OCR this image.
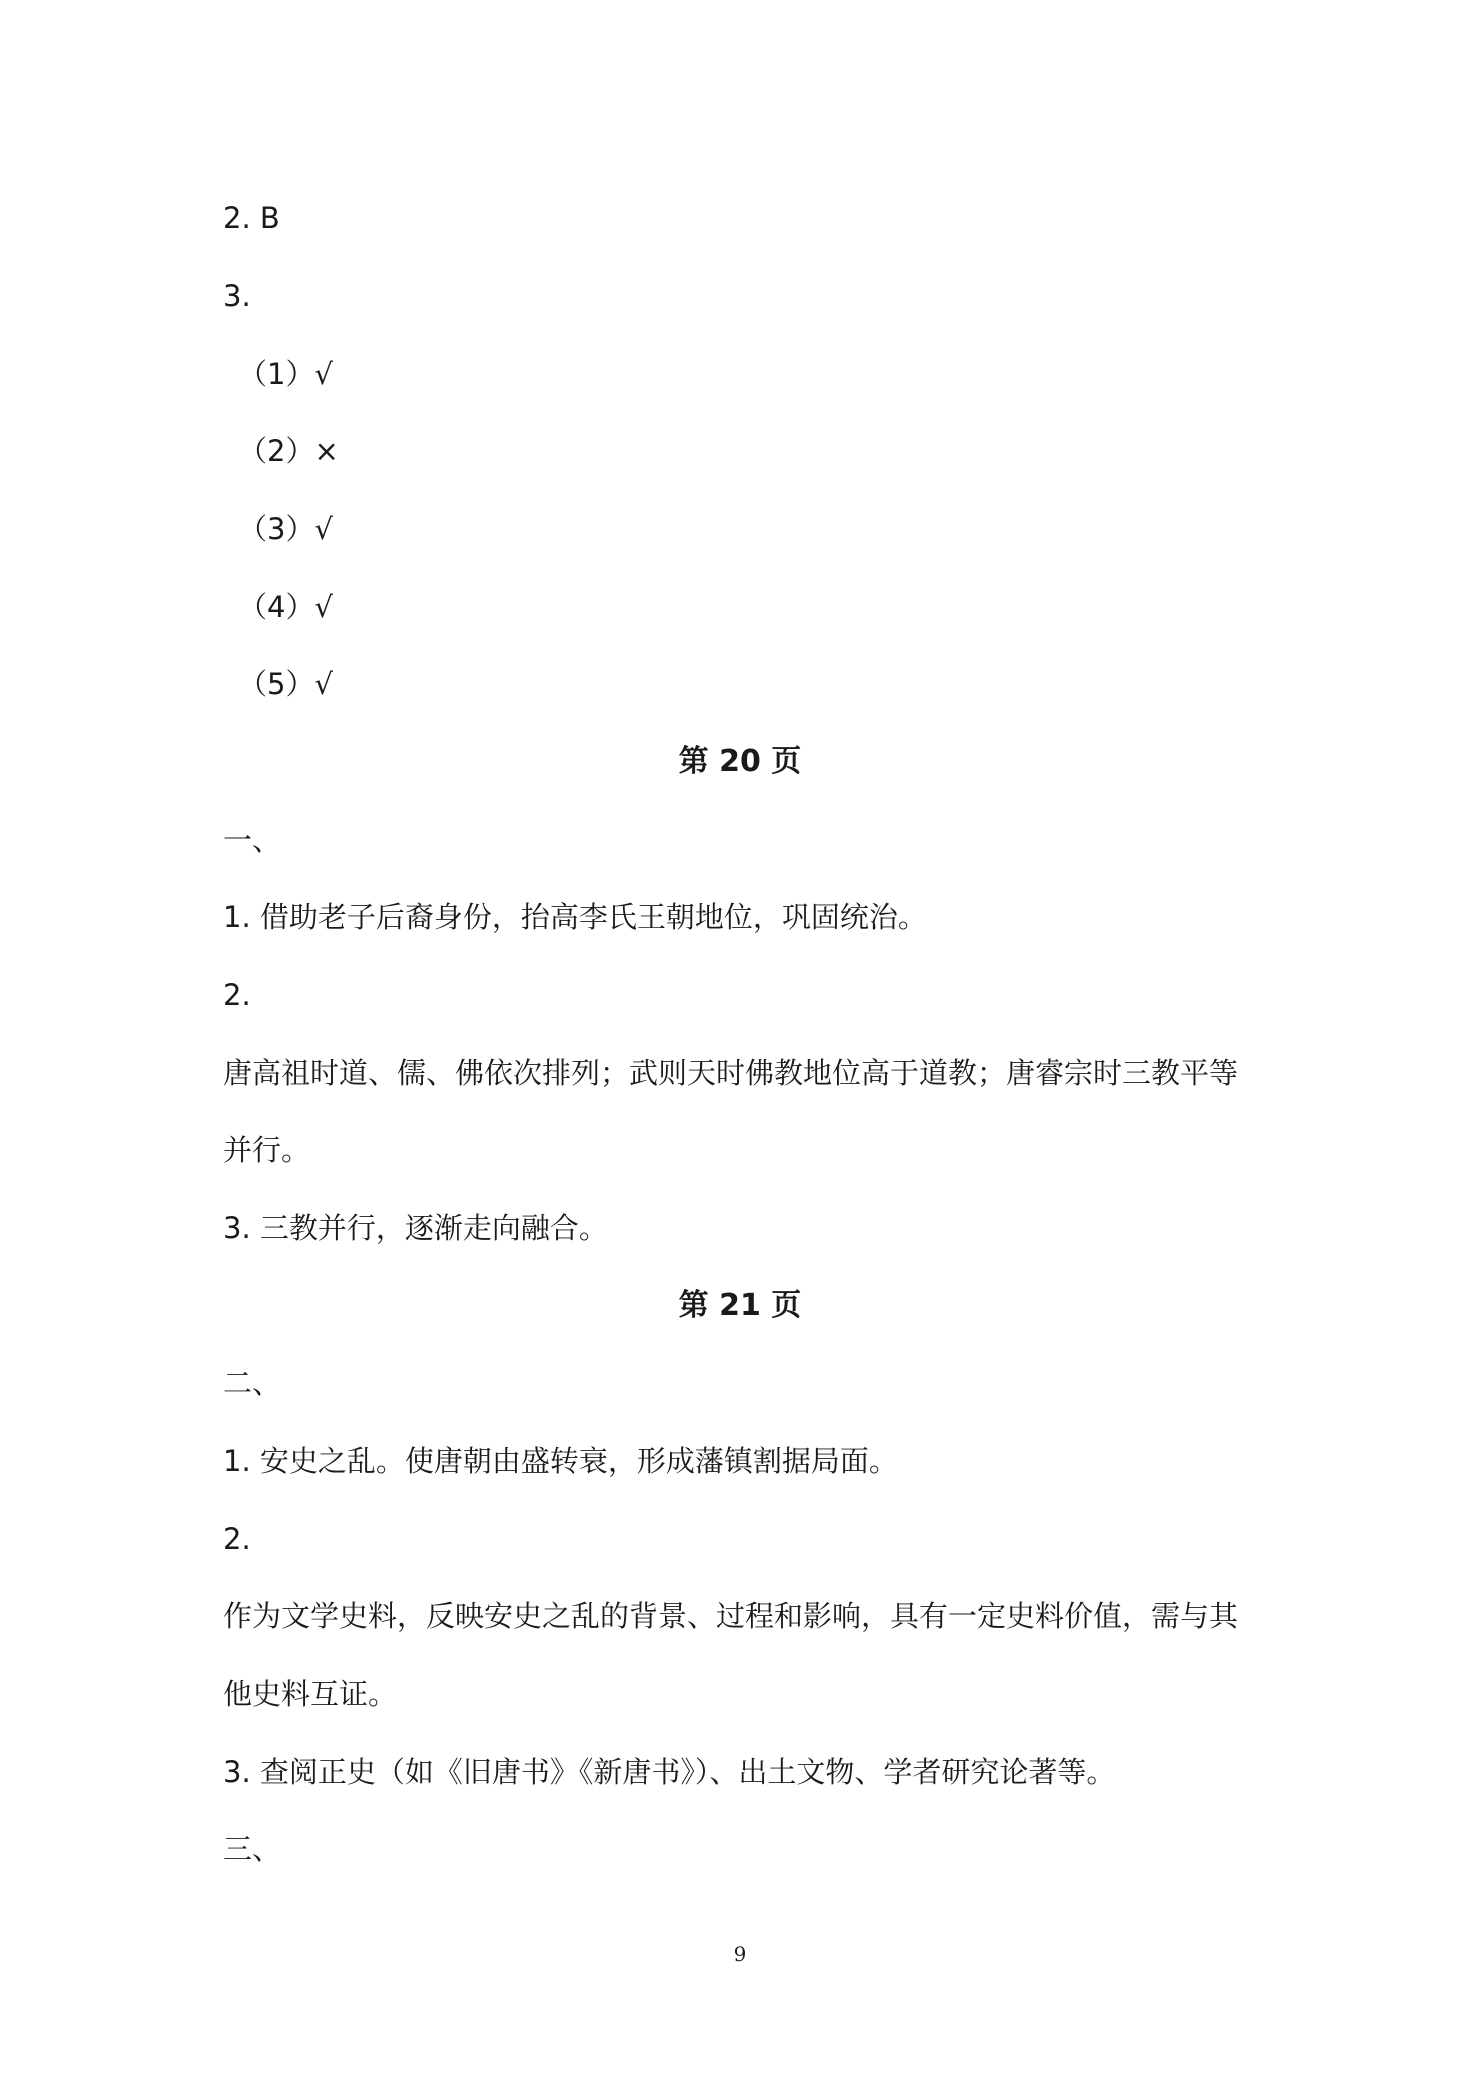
2. B
3.
（1）√
（2）×
（3）√
（4）√
（5）√
第 20 页
一、
1. 借助老子后裔身份，抬高李氏王朝地位，巩固统治。
2.
唐高祖时道、儒、佛依次排列；武则天时佛教地位高于道教；唐睿宗时三教平等
并行。
3. 三教并行，逐渐走向融合。
第 21 页
二、
1. 安史之乱。使唐朝由盛转衰，形成藩镇割据局面。
2.
作为文学史料，反映安史之乱的背景、过程和影响，具有一定史料价值，需与其
他史料互证。
3. 查阅正史（如《旧唐书》《新唐书》）、出土文物、学者研究论著等。
三、
9
